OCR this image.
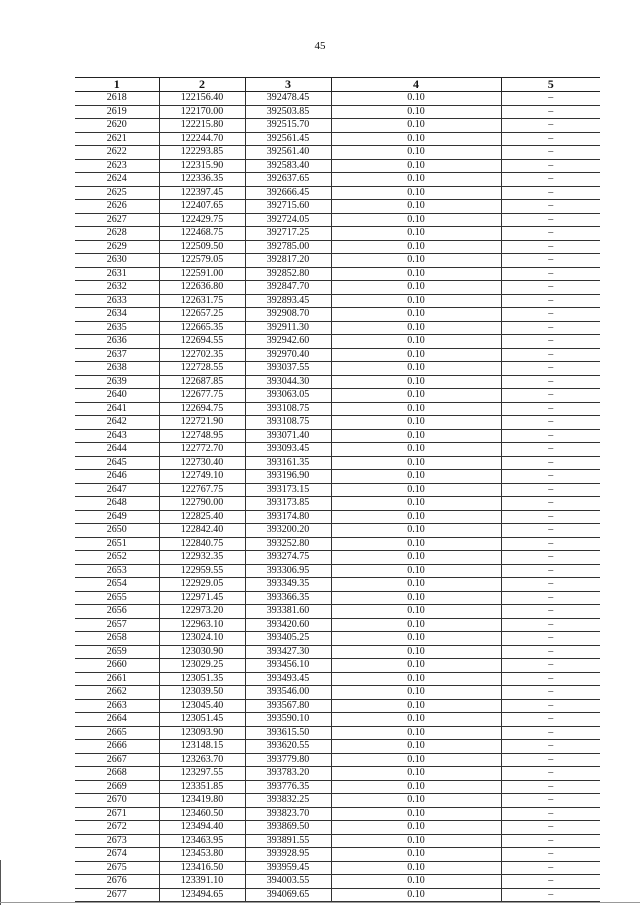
45
1	2	3	4	5
2618	122156.40	392478.45	0.10	–
2619	122170.00	392503.85	0.10	–
2620	122215.80	392515.70	0.10	–
2621	122244.70	392561.45	0.10	–
2622	122293.85	392561.40	0.10	–
2623	122315.90	392583.40	0.10	–
2624	122336.35	392637.65	0.10	–
2625	122397.45	392666.45	0.10	–
2626	122407.65	392715.60	0.10	–
2627	122429.75	392724.05	0.10	–
2628	122468.75	392717.25	0.10	–
2629	122509.50	392785.00	0.10	–
2630	122579.05	392817.20	0.10	–
2631	122591.00	392852.80	0.10	–
2632	122636.80	392847.70	0.10	–
2633	122631.75	392893.45	0.10	–
2634	122657.25	392908.70	0.10	–
2635	122665.35	392911.30	0.10	–
2636	122694.55	392942.60	0.10	–
2637	122702.35	392970.40	0.10	–
2638	122728.55	393037.55	0.10	–
2639	122687.85	393044.30	0.10	–
2640	122677.75	393063.05	0.10	–
2641	122694.75	393108.75	0.10	–
2642	122721.90	393108.75	0.10	–
2643	122748.95	393071.40	0.10	–
2644	122772.70	393093.45	0.10	–
2645	122730.40	393161.35	0.10	–
2646	122749.10	393196.90	0.10	–
2647	122767.75	393173.15	0.10	–
2648	122790.00	393173.85	0.10	–
2649	122825.40	393174.80	0.10	–
2650	122842.40	393200.20	0.10	–
2651	122840.75	393252.80	0.10	–
2652	122932.35	393274.75	0.10	–
2653	122959.55	393306.95	0.10	–
2654	122929.05	393349.35	0.10	–
2655	122971.45	393366.35	0.10	–
2656	122973.20	393381.60	0.10	–
2657	122963.10	393420.60	0.10	–
2658	123024.10	393405.25	0.10	–
2659	123030.90	393427.30	0.10	–
2660	123029.25	393456.10	0.10	–
2661	123051.35	393493.45	0.10	–
2662	123039.50	393546.00	0.10	–
2663	123045.40	393567.80	0.10	–
2664	123051.45	393590.10	0.10	–
2665	123093.90	393615.50	0.10	–
2666	123148.15	393620.55	0.10	–
2667	123263.70	393779.80	0.10	–
2668	123297.55	393783.20	0.10	–
2669	123351.85	393776.35	0.10	–
2670	123419.80	393832.25	0.10	–
2671	123460.50	393823.70	0.10	–
2672	123494.40	393869.50	0.10	–
2673	123463.95	393891.55	0.10	–
2674	123453.80	393928.95	0.10	–
2675	123416.50	393959.45	0.10	–
2676	123391.10	394003.55	0.10	–
2677	123494.65	394069.65	0.10	–
